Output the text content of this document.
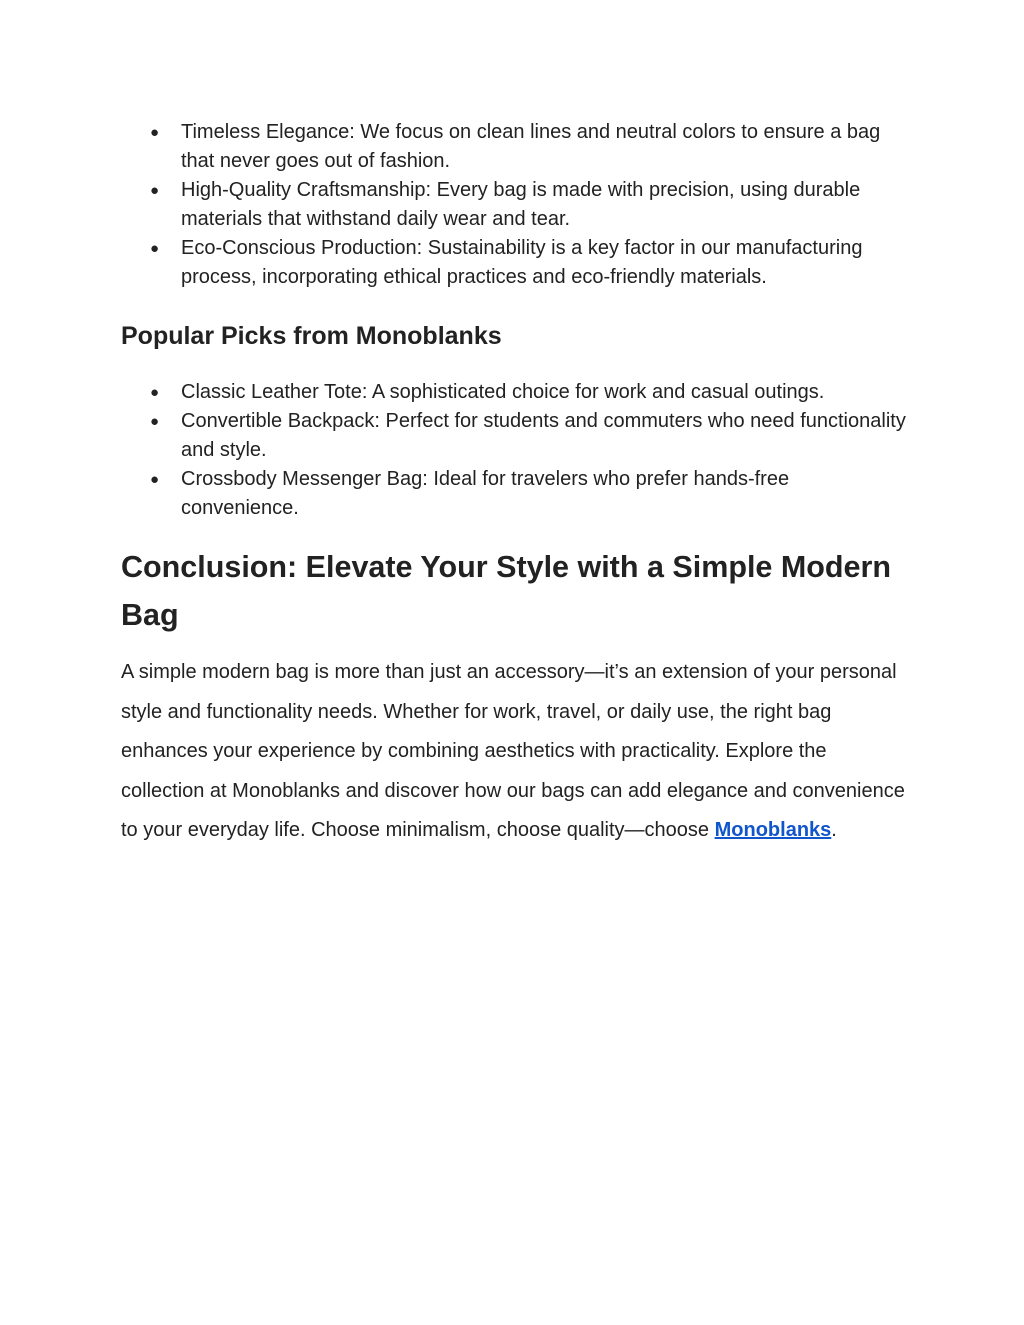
● Timeless Elegance: We focus on clean lines and neutral colors to ensure a bag that never goes out of fashion.
● High-Quality Craftsmanship: Every bag is made with precision, using durable materials that withstand daily wear and tear.
● Eco-Conscious Production: Sustainability is a key factor in our manufacturing process, incorporating ethical practices and eco-friendly materials.
Popular Picks from Monoblanks
● Classic Leather Tote: A sophisticated choice for work and casual outings.
● Convertible Backpack: Perfect for students and commuters who need functionality and style.
● Crossbody Messenger Bag: Ideal for travelers who prefer hands-free convenience.
Conclusion: Elevate Your Style with a Simple Modern Bag

A simple modern bag is more than just an accessory—it’s an extension of your personal style and functionality needs. Whether for work, travel, or daily use, the right bag enhances your experience by combining aesthetics with practicality. Explore the collection at Monoblanks and discover how our bags can add elegance and convenience to your everyday life. Choose minimalism, choose quality—choose Monoblanks.
